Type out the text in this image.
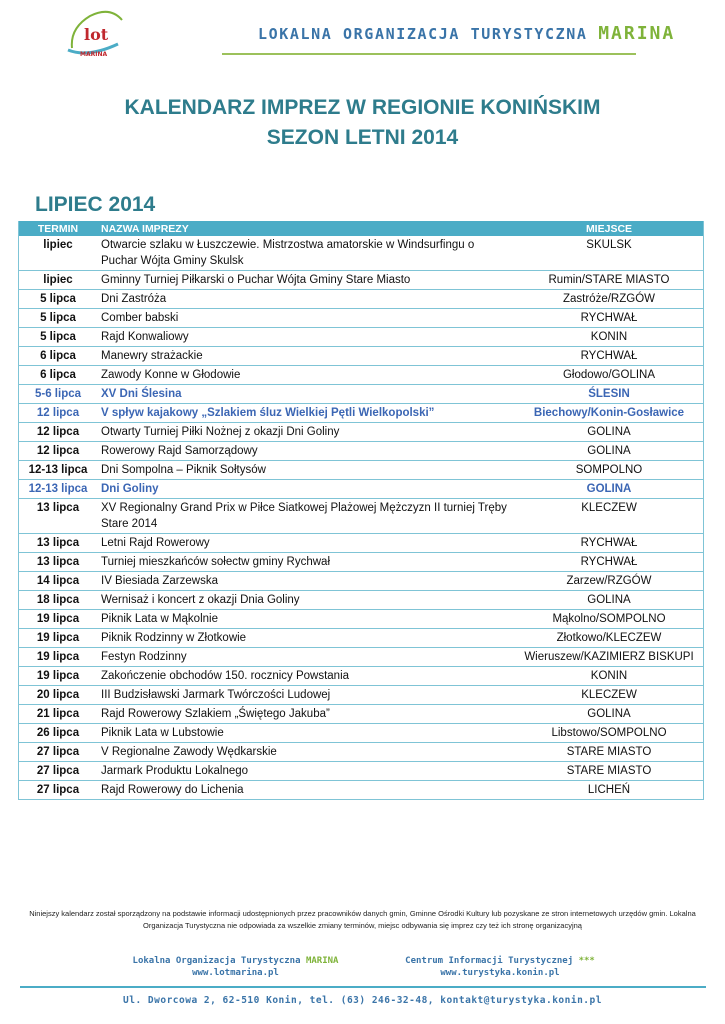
lot
MARINA
LOKALNA ORGANIZACJA TURYSTYCZNA MARINA
KALENDARZ IMPREZ W REGIONIE KONIŃSKIM
SEZON LETNI 2014
LIPIEC 2014
TERMIN	NAZWA IMPREZY	MIEJSCE
lipiec	Otwarcie szlaku w Łuszczewie. Mistrzostwa amatorskie w Windsurfingu o Puchar Wójta Gminy Skulsk	SKULSK
lipiec	Gminny Turniej Piłkarski o Puchar Wójta Gminy Stare Miasto	Rumin/STARE MIASTO
5 lipca	Dni Zastróża	Zastróże/RZGÓW
5 lipca	Comber babski	RYCHWAŁ
5 lipca	Rajd Konwaliowy	KONIN
6 lipca	Manewry strażackie	RYCHWAŁ
6 lipca	Zawody Konne w Głodowie	Głodowo/GOLINA
5-6 lipca	XV Dni Ślesina	ŚLESIN
12 lipca	V spływ kajakowy „Szlakiem śluz Wielkiej Pętli Wielkopolski”	Biechowy/Konin-Gosławice
12 lipca	Otwarty Turniej Piłki Nożnej z okazji Dni Goliny	GOLINA
12 lipca	Rowerowy Rajd Samorządowy	GOLINA
12-13 lipca	Dni Sompolna – Piknik Sołtysów	SOMPOLNO
12-13 lipca	Dni Goliny	GOLINA
13 lipca	XV Regionalny Grand Prix w Piłce Siatkowej Plażowej Mężczyzn II turniej Tręby Stare 2014	KLECZEW
13 lipca	Letni Rajd Rowerowy	RYCHWAŁ
13 lipca	Turniej mieszkańców sołectw gminy Rychwał	RYCHWAŁ
14 lipca	IV Biesiada Zarzewska	Zarzew/RZGÓW
18 lipca	Wernisaż i koncert z okazji Dnia Goliny	GOLINA
19 lipca	Piknik Lata w Mąkolnie	Mąkolno/SOMPOLNO
19 lipca	Piknik Rodzinny w Złotkowie	Złotkowo/KLECZEW
19 lipca	Festyn Rodzinny	Wieruszew/KAZIMIERZ BISKUPI
19 lipca	Zakończenie obchodów 150. rocznicy Powstania	KONIN
20 lipca	III Budzisławski Jarmark Twórczości Ludowej	KLECZEW
21 lipca	Rajd Rowerowy Szlakiem „Świętego Jakuba”	GOLINA
26 lipca	Piknik Lata w Lubstowie	Libstowo/SOMPOLNO
27 lipca	V Regionalne Zawody Wędkarskie	STARE MIASTO
27 lipca	Jarmark Produktu Lokalnego	STARE MIASTO
27 lipca	Rajd Rowerowy do Lichenia	LICHEŃ
Niniejszy kalendarz został sporządzony na podstawie informacji udostępnionych przez pracowników danych gmin, Gminne Ośrodki Kultury lub pozyskane ze stron internetowych urzędów gmin. Lokalna Organizacja Turystyczna nie odpowiada za wszelkie zmiany terminów, miejsc odbywania się imprez czy też ich stronę organizacyjną
Lokalna Organizacja Turystyczna MARINA
www.lotmarina.pl
Centrum Informacji Turystycznej ***
www.turystyka.konin.pl
Ul. Dworcowa 2, 62-510 Konin, tel. (63) 246-32-48, kontakt@turystyka.konin.pl
